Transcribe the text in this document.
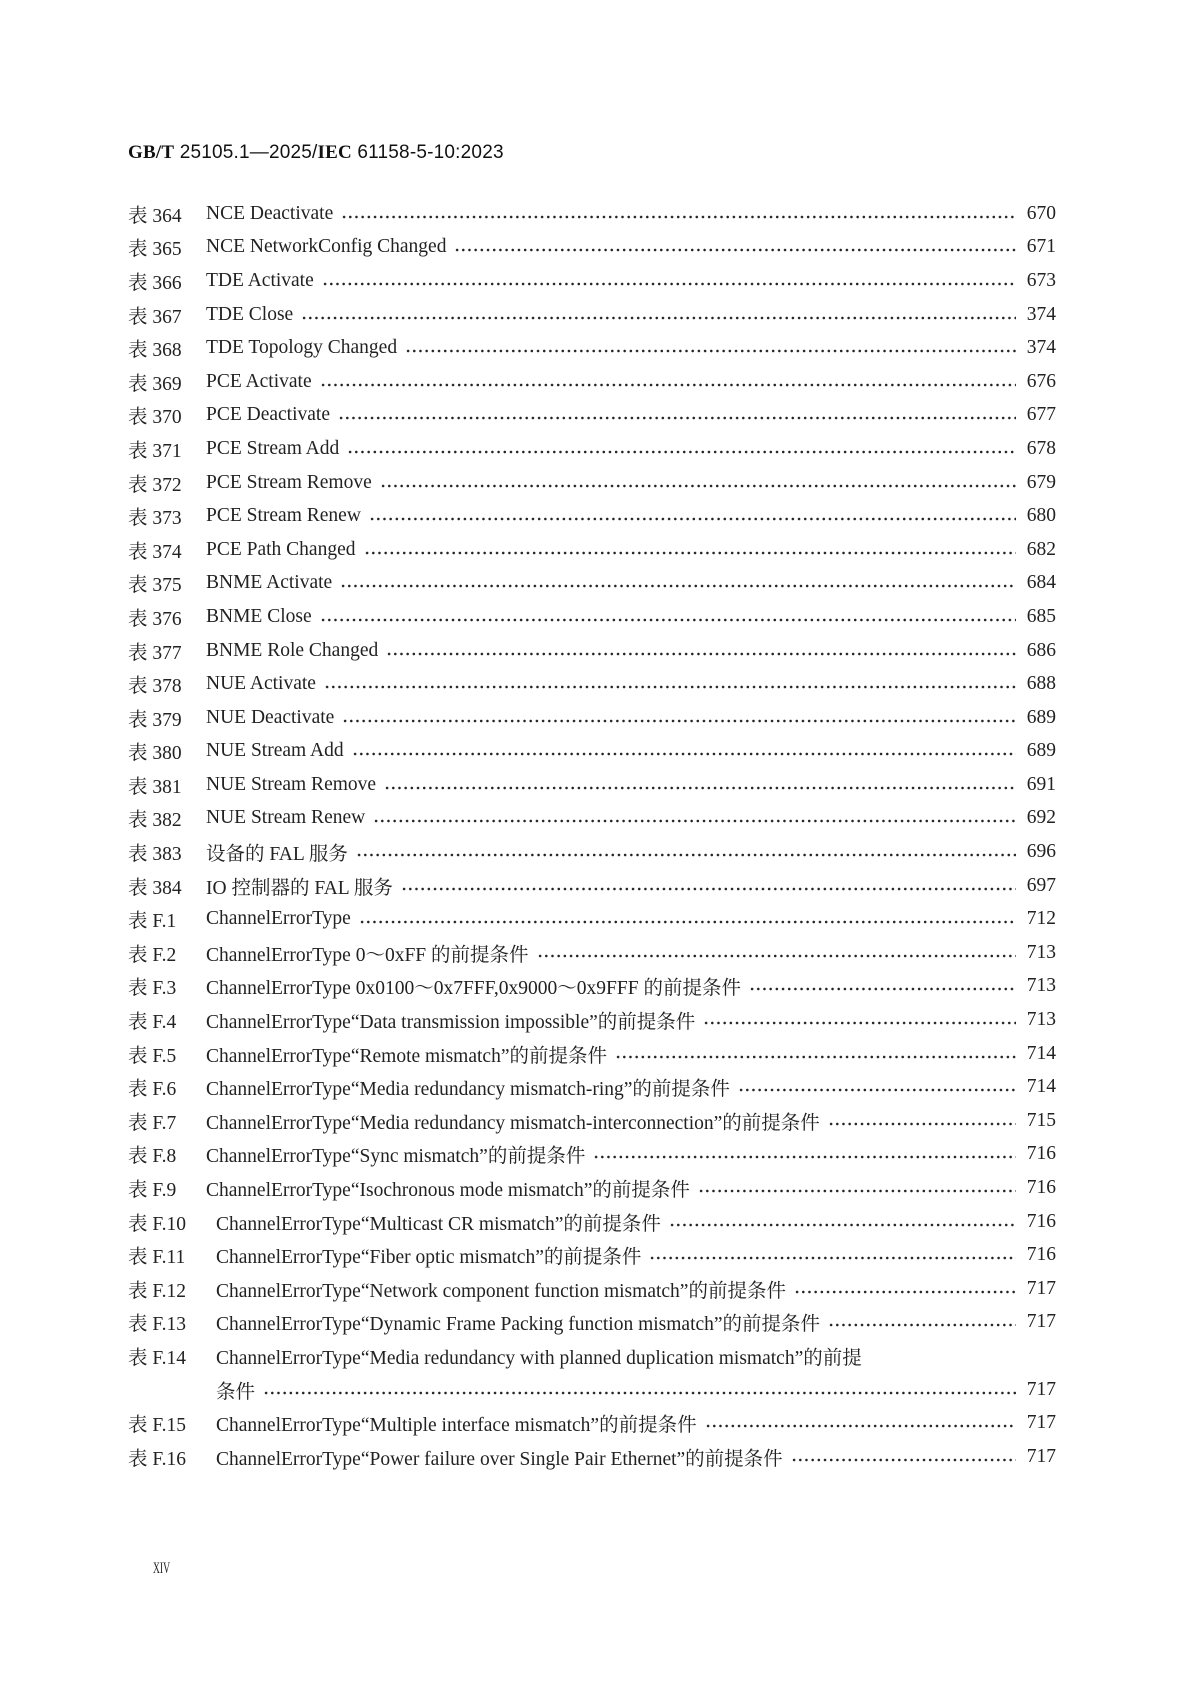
GB/T 25105.1—2025/IEC 61158-5-10:2023
表 364	NCE Deactivate	670
表 365	NCE NetworkConfig Changed	671
表 366	TDE Activate	673
表 367	TDE Close	374
表 368	TDE Topology Changed	374
表 369	PCE Activate	676
表 370	PCE Deactivate	677
表 371	PCE Stream Add	678
表 372	PCE Stream Remove	679
表 373	PCE Stream Renew	680
表 374	PCE Path Changed	682
表 375	BNME Activate	684
表 376	BNME Close	685
表 377	BNME Role Changed	686
表 378	NUE Activate	688
表 379	NUE Deactivate	689
表 380	NUE Stream Add	689
表 381	NUE Stream Remove	691
表 382	NUE Stream Renew	692
表 383	设备的 FAL 服务	696
表 384	IO 控制器的 FAL 服务	697
表 F.1	ChannelErrorType	712
表 F.2	ChannelErrorType 0～0xFF 的前提条件	713
表 F.3	ChannelErrorType 0x0100～0x7FFF,0x9000～0x9FFF 的前提条件	713
表 F.4	ChannelErrorType“Data transmission impossible”的前提条件	713
表 F.5	ChannelErrorType“Remote mismatch”的前提条件	714
表 F.6	ChannelErrorType“Media redundancy mismatch-ring”的前提条件	714
表 F.7	ChannelErrorType“Media redundancy mismatch-interconnection”的前提条件	715
表 F.8	ChannelErrorType“Sync mismatch”的前提条件	716
表 F.9	ChannelErrorType“Isochronous mode mismatch”的前提条件	716
表 F.10	ChannelErrorType“Multicast CR mismatch”的前提条件	716
表 F.11	ChannelErrorType“Fiber optic mismatch”的前提条件	716
表 F.12	ChannelErrorType“Network component function mismatch”的前提条件	717
表 F.13	ChannelErrorType“Dynamic Frame Packing function mismatch”的前提条件	717
表 F.14	ChannelErrorType“Media redundancy with planned duplication mismatch”的前提
条件	717
表 F.15	ChannelErrorType“Multiple interface mismatch”的前提条件	717
表 F.16	ChannelErrorType“Power failure over Single Pair Ethernet”的前提条件	717
XIV
